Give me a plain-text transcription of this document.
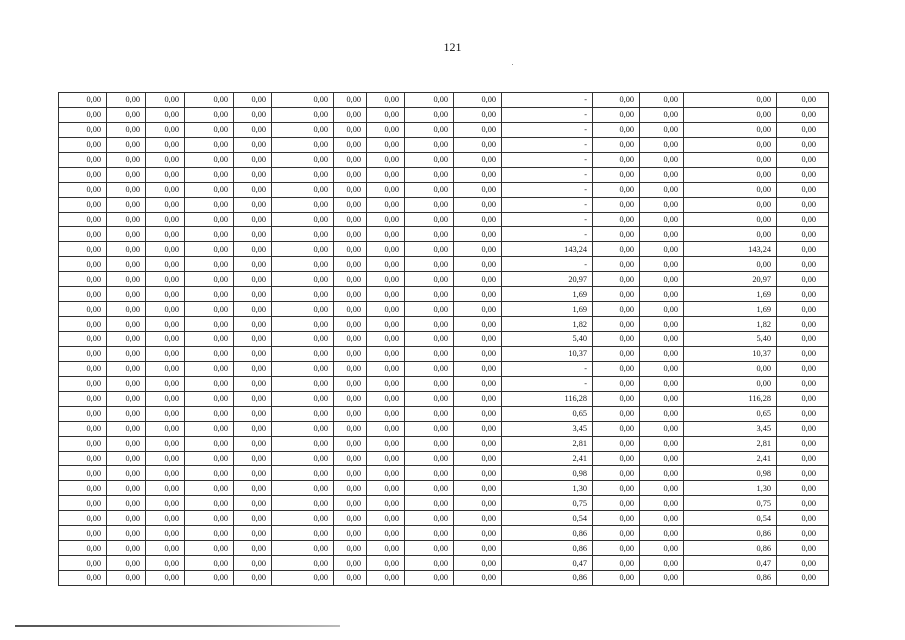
121
0,00	0,00	0,00	0,00	0,00	0,00	0,00	0,00	0,00	0,00	-	0,00	0,00	0,00	0,00
0,00	0,00	0,00	0,00	0,00	0,00	0,00	0,00	0,00	0,00	-	0,00	0,00	0,00	0,00
0,00	0,00	0,00	0,00	0,00	0,00	0,00	0,00	0,00	0,00	-	0,00	0,00	0,00	0,00
0,00	0,00	0,00	0,00	0,00	0,00	0,00	0,00	0,00	0,00	-	0,00	0,00	0,00	0,00
0,00	0,00	0,00	0,00	0,00	0,00	0,00	0,00	0,00	0,00	-	0,00	0,00	0,00	0,00
0,00	0,00	0,00	0,00	0,00	0,00	0,00	0,00	0,00	0,00	-	0,00	0,00	0,00	0,00
0,00	0,00	0,00	0,00	0,00	0,00	0,00	0,00	0,00	0,00	-	0,00	0,00	0,00	0,00
0,00	0,00	0,00	0,00	0,00	0,00	0,00	0,00	0,00	0,00	-	0,00	0,00	0,00	0,00
0,00	0,00	0,00	0,00	0,00	0,00	0,00	0,00	0,00	0,00	-	0,00	0,00	0,00	0,00
0,00	0,00	0,00	0,00	0,00	0,00	0,00	0,00	0,00	0,00	-	0,00	0,00	0,00	0,00
0,00	0,00	0,00	0,00	0,00	0,00	0,00	0,00	0,00	0,00	143,24	0,00	0,00	143,24	0,00
0,00	0,00	0,00	0,00	0,00	0,00	0,00	0,00	0,00	0,00	-	0,00	0,00	0,00	0,00
0,00	0,00	0,00	0,00	0,00	0,00	0,00	0,00	0,00	0,00	20,97	0,00	0,00	20,97	0,00
0,00	0,00	0,00	0,00	0,00	0,00	0,00	0,00	0,00	0,00	1,69	0,00	0,00	1,69	0,00
0,00	0,00	0,00	0,00	0,00	0,00	0,00	0,00	0,00	0,00	1,69	0,00	0,00	1,69	0,00
0,00	0,00	0,00	0,00	0,00	0,00	0,00	0,00	0,00	0,00	1,82	0,00	0,00	1,82	0,00
0,00	0,00	0,00	0,00	0,00	0,00	0,00	0,00	0,00	0,00	5,40	0,00	0,00	5,40	0,00
0,00	0,00	0,00	0,00	0,00	0,00	0,00	0,00	0,00	0,00	10,37	0,00	0,00	10,37	0,00
0,00	0,00	0,00	0,00	0,00	0,00	0,00	0,00	0,00	0,00	-	0,00	0,00	0,00	0,00
0,00	0,00	0,00	0,00	0,00	0,00	0,00	0,00	0,00	0,00	-	0,00	0,00	0,00	0,00
0,00	0,00	0,00	0,00	0,00	0,00	0,00	0,00	0,00	0,00	116,28	0,00	0,00	116,28	0,00
0,00	0,00	0,00	0,00	0,00	0,00	0,00	0,00	0,00	0,00	0,65	0,00	0,00	0,65	0,00
0,00	0,00	0,00	0,00	0,00	0,00	0,00	0,00	0,00	0,00	3,45	0,00	0,00	3,45	0,00
0,00	0,00	0,00	0,00	0,00	0,00	0,00	0,00	0,00	0,00	2,81	0,00	0,00	2,81	0,00
0,00	0,00	0,00	0,00	0,00	0,00	0,00	0,00	0,00	0,00	2,41	0,00	0,00	2,41	0,00
0,00	0,00	0,00	0,00	0,00	0,00	0,00	0,00	0,00	0,00	0,98	0,00	0,00	0,98	0,00
0,00	0,00	0,00	0,00	0,00	0,00	0,00	0,00	0,00	0,00	1,30	0,00	0,00	1,30	0,00
0,00	0,00	0,00	0,00	0,00	0,00	0,00	0,00	0,00	0,00	0,75	0,00	0,00	0,75	0,00
0,00	0,00	0,00	0,00	0,00	0,00	0,00	0,00	0,00	0,00	0,54	0,00	0,00	0,54	0,00
0,00	0,00	0,00	0,00	0,00	0,00	0,00	0,00	0,00	0,00	0,86	0,00	0,00	0,86	0,00
0,00	0,00	0,00	0,00	0,00	0,00	0,00	0,00	0,00	0,00	0,86	0,00	0,00	0,86	0,00
0,00	0,00	0,00	0,00	0,00	0,00	0,00	0,00	0,00	0,00	0,47	0,00	0,00	0,47	0,00
0,00	0,00	0,00	0,00	0,00	0,00	0,00	0,00	0,00	0,00	0,86	0,00	0,00	0,86	0,00
